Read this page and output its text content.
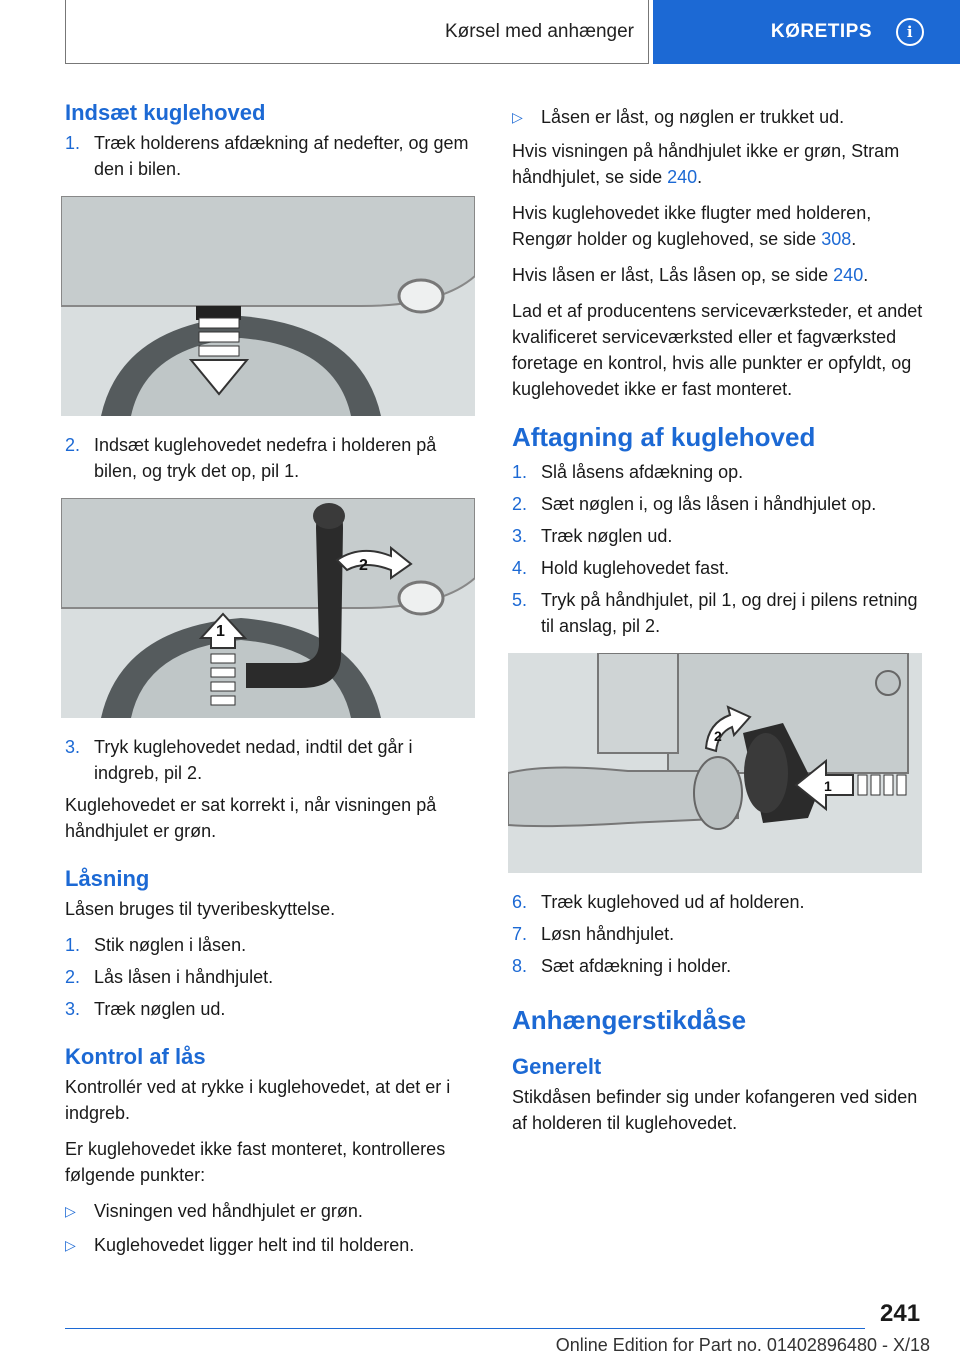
Kørsel med anhænger	KØRETIPS	i
Indsæt kuglehoved
1. Træk holderens afdækning af nedefter, og gem den i bilen.
2. Indsæt kuglehovedet nedefra i holderen på bilen, og tryk det op, pil 1.
2
1
3. Tryk kuglehovedet nedad, indtil det går i indgreb, pil 2.

Kuglehovedet er sat korrekt i, når visningen på håndhjulet er grøn.

Låsning

Låsen bruges til tyveribeskyttelse.

1. Stik nøglen i låsen.
2. Lås låsen i håndhjulet.
3. Træk nøglen ud.
Kontrol af lås

Kontrollér ved at rykke i kuglehovedet, at det er i indgreb.

Er kuglehovedet ikke fast monteret, kontrolleres følgende punkter:

▷	Visningen ved håndhjulet er grøn.
▷	Kuglehovedet ligger helt ind til holderen.
▷	Låsen er låst, og nøglen er trukket ud.

Hvis visningen på håndhjulet ikke er grøn, Stram håndhjulet, se side 240.

Hvis kuglehovedet ikke flugter med holderen, Rengør holder og kuglehoved, se side 308.

Hvis låsen er låst, Lås låsen op, se side 240.

Lad et af producentens serviceværksteder, et andet kvalificeret serviceværksted eller et fagværksted foretage en kontrol, hvis alle punkter er opfyldt, og kuglehovedet ikke er fast monteret.

Aftagning af kuglehoved
1. Slå låsens afdækning op.
2. Sæt nøglen i, og lås låsen i håndhjulet op.
3. Træk nøglen ud.
4. Hold kuglehovedet fast.
5. Tryk på håndhjulet, pil 1, og drej i pilens retning til anslag, pil 2.
2
1
6. Træk kuglehoved ud af holderen.
7. Løsn håndhjulet.
8. Sæt afdækning i holder.
Anhængerstikdåse
Generelt

Stikdåsen befinder sig under kofangeren ved siden af holderen til kuglehovedet.

241
Online Edition for Part no. 01402896480 - X/18
